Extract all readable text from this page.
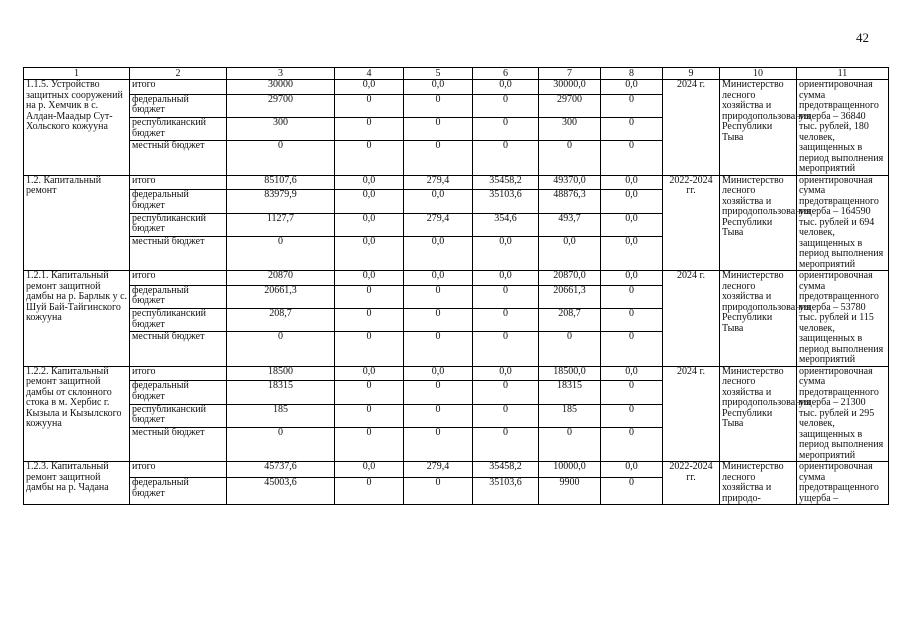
42
1	2	3	4	5	6	7	8	9	10	11
1.1.5. Устройство защитных сооружений на р. Хемчик в с. Алдан-Маадыр Сут-Хольского кожууна	итого	30000	0,0	0,0	0,0	30000,0	0,0	2024 г.	Министерство лесного хозяйства и природопользования Республики Тыва	ориентировочная сумма предотвращенного ущерба – 36840 тыс. рублей, 180 человек, защищенных в период выполнения мероприятий
	федеральный бюджет	29700	0	0	0	29700	0			
	республиканский бюджет	300	0	0	0	300	0			
	местный бюджет	0	0	0	0	0	0			
1.2. Капитальный ремонт	итого	85107,6	0,0	279,4	35458,2	49370,0	0,0	2022-2024 гг.	Министерство лесного хозяйства и природопользования Республики Тыва	ориентировочная сумма предотвращенного ущерба – 164590 тыс. рублей и 694 человек, защищенных в период выполнения мероприятий
	федеральный бюджет	83979,9	0,0	0,0	35103,6	48876,3	0,0			
	республиканский бюджет	1127,7	0,0	279,4	354,6	493,7	0,0			
	местный бюджет	0	0,0	0,0	0,0	0,0	0,0			
1.2.1. Капитальный ремонт защитной дамбы на р. Барлык у с. Шуй Бай-Тайгинского кожууна	итого	20870	0,0	0,0	0,0	20870,0	0,0	2024 г.	Министерство лесного хозяйства и природопользования Республики Тыва	ориентировочная сумма предотвращенного ущерба – 53780 тыс. рублей и 115 человек, защищенных в период выполнения мероприятий
	федеральный бюджет	20661,3	0	0	0	20661,3	0			
	республиканский бюджет	208,7	0	0	0	208,7	0			
	местный бюджет	0	0	0	0	0	0			
1.2.2. Капитальный ремонт защитной дамбы от склонного стока в м. Хербис г. Кызыла и Кызылского кожууна	итого	18500	0,0	0,0	0,0	18500,0	0,0	2024 г.	Министерство лесного хозяйства и природопользования Республики Тыва	ориентировочная сумма предотвращенного ущерба – 21300 тыс. рублей и 295 человек, защищенных в период выполнения мероприятий
	федеральный бюджет	18315	0	0	0	18315	0			
	республиканский бюджет	185	0	0	0	185	0			
	местный бюджет	0	0	0	0	0	0			
1.2.3. Капитальный ремонт защитной дамбы на р. Чадана	итого	45737,6	0,0	279,4	35458,2	10000,0	0,0	2022-2024 гг.	Министерство лесного хозяйства и природо-	ориентировочная сумма предотвращенного ущерба –
	федеральный бюджет	45003,6	0	0	35103,6	9900	0			
